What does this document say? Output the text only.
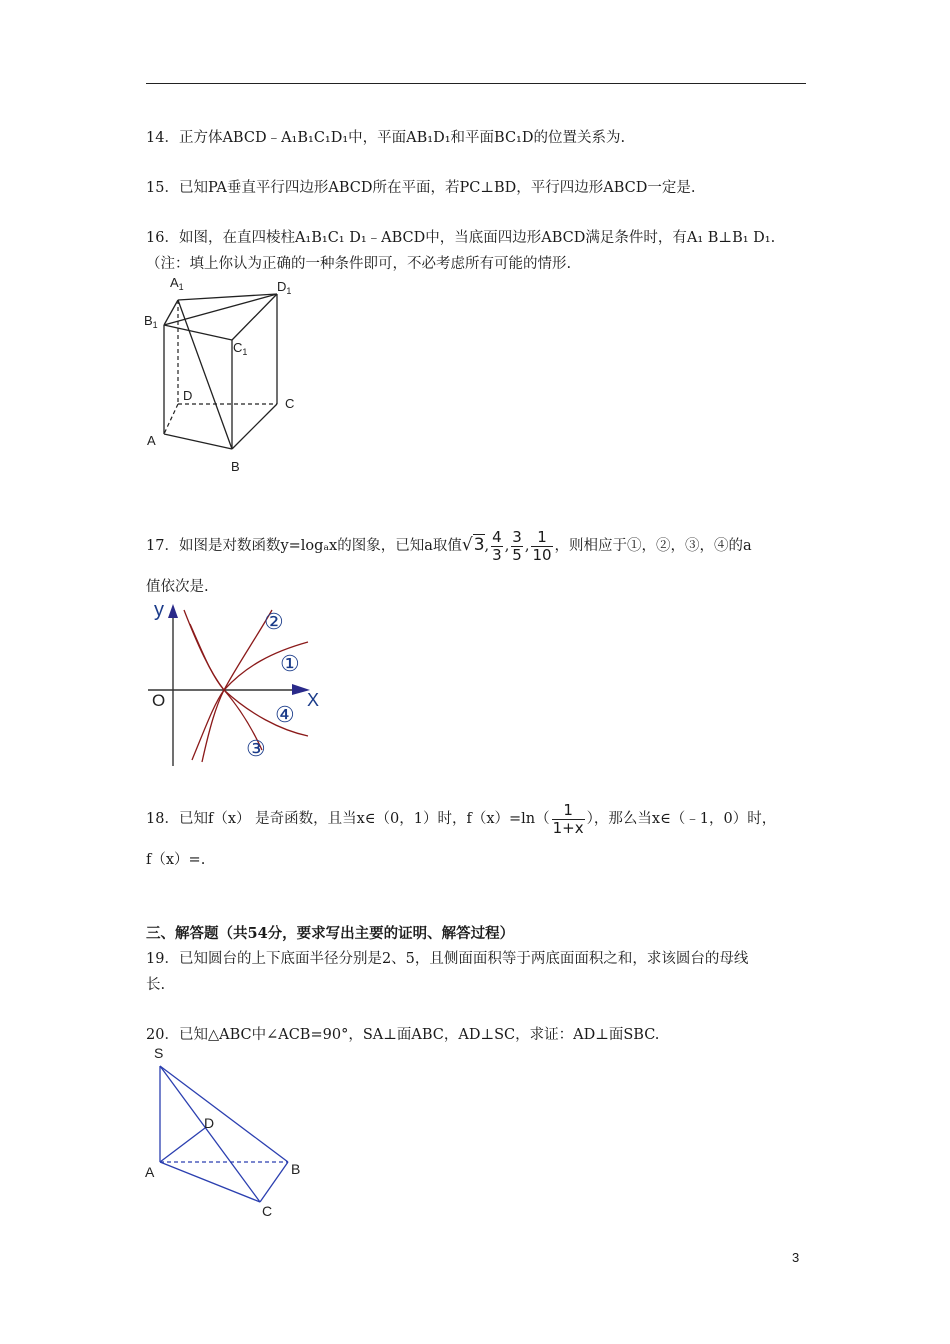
14．正方体ABCD﹣A₁B₁C₁D₁中，平面AB₁D₁和平面BC₁D的位置关系为.
15．已知PA垂直平行四边形ABCD所在平面，若PC⊥BD，平行四边形ABCD一定是.
16．如图，在直四棱柱A₁B₁C₁ D₁﹣ABCD中，当底面四边形ABCD满足条件时，有A₁ B⊥B₁ D₁.
（注：填上你认为正确的一种条件即可，不必考虑所有可能的情形.
$A_1$	$D_1$
$B_1$
$C_1$
D
C
A
B
17．如图是对数函数y=logₐx的图象，已知a取值√3, $\frac{4}{3}$ , $\frac{3}{5}$ , $\frac{1}{10}$ ，则相应于①，②，③，④的a
值依次是.
y
X
O
②
①
④
③
18．已知f（x） 是奇函数，且当x∈（0，1）时，$f(x)=\ln( \frac{1}{1+x}$ ），那么当x∈（﹣1，0）时，
f（x）=.
三、解答题（共54分，要求写出主要的证明、解答过程）
19．已知圆台的上下底面半径分别是2、5，且侧面面积等于两底面面积之和，求该圆台的母线
长.
20．已知△ABC中∠ACB=90°，SA⊥面ABC，AD⊥SC，求证：AD⊥面SBC.
S
D
A	B
C
3
